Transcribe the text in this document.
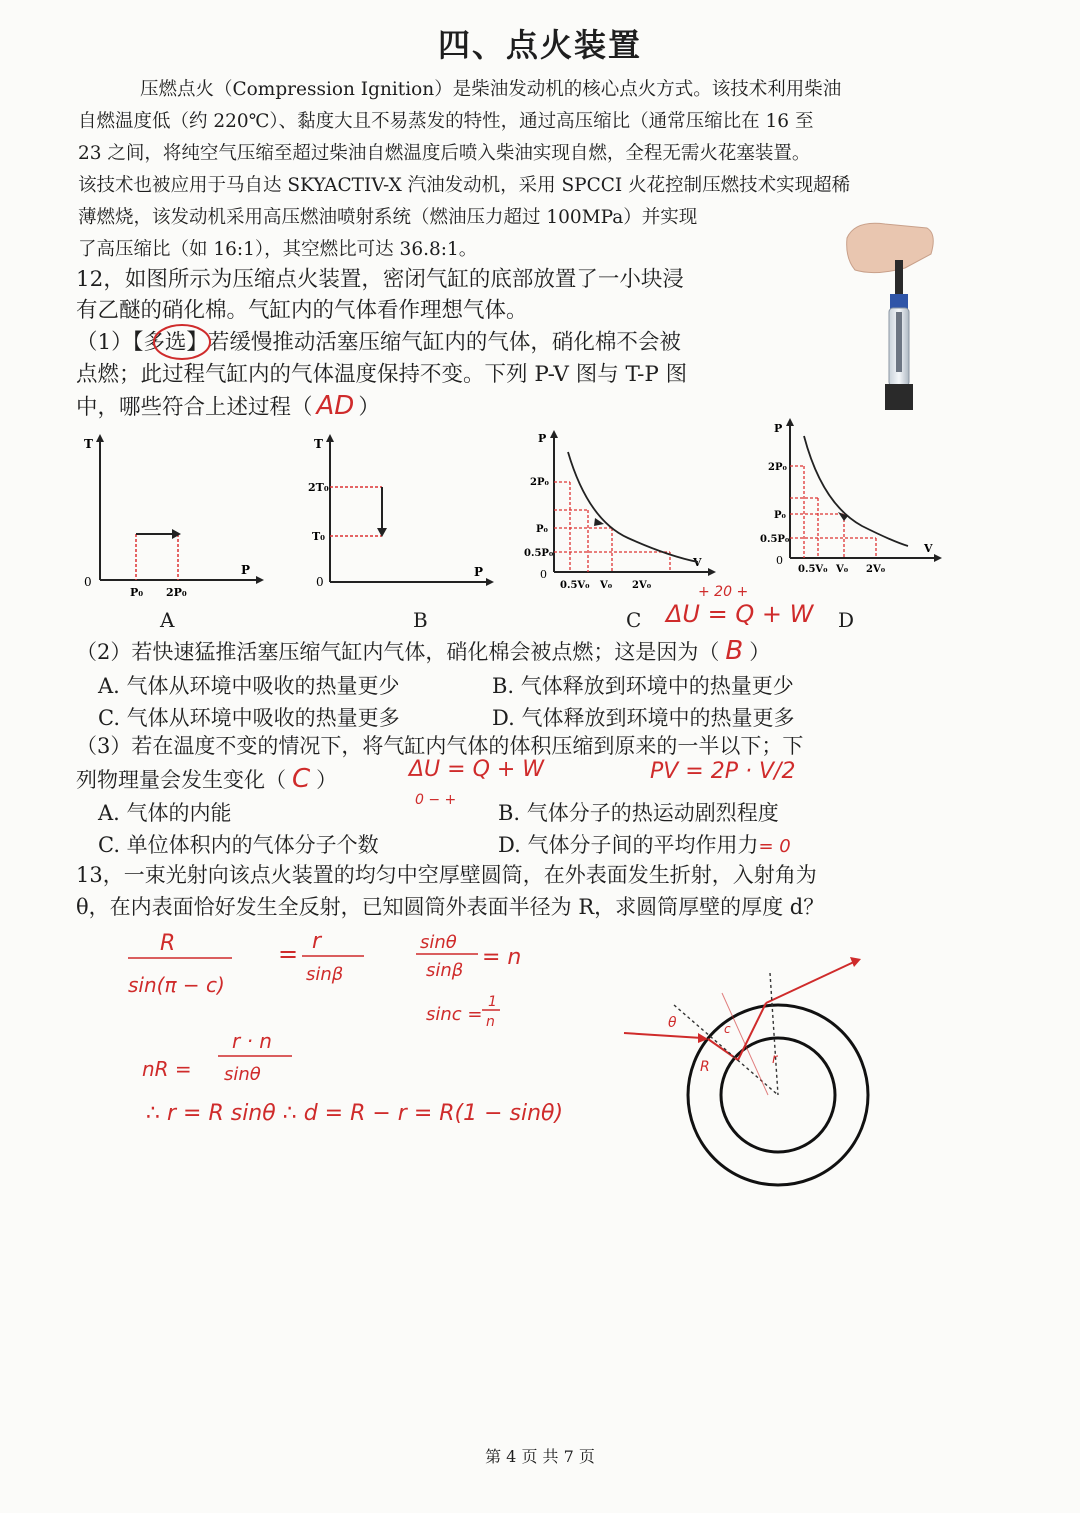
四、点火装置

压燃点火（Compression Ignition）是柴油发动机的核心点火方式。该技术利用柴油

自燃温度低（约 220℃）、黏度大且不易蒸发的特性，通过高压缩比（通常压缩比在 16 至

23 之间，将纯空气压缩至超过柴油自燃温度后喷入柴油实现自燃，全程无需火花塞装置。

该技术也被应用于马自达 SKYACTIV-X 汽油发动机，采用 SPCCI 火花控制压燃技术实现超稀

薄燃烧，该发动机采用高压燃油喷射系统（燃油压力超过 100MPa）并实现

了高压缩比（如 16:1），其空燃比可达 36.8:1。

12，如图所示为压缩点火装置，密闭气缸的底部放置了一小块浸
有乙醚的硝化棉。气缸内的气体看作理想气体。
（1）【多选】若缓慢推动活塞压缩气缸内的气体，硝化棉不会被
点燃；此过程气缸内的气体温度保持不变。下列 P-V 图与 T-P 图
中，哪些符合上述过程（ AD ）
T
P
0
P₀ 2P₀
A
T
P
0
2T₀
T₀
B
P
V
0
2P₀
P₀
0.5P₀
0.5V₀ V₀ 2V₀
C
P
V
0
2P₀
P₀
0.5P₀
0.5V₀ V₀ 2V₀
D
+ 20 +
ΔU = Q + W
（2）若快速猛推活塞压缩气缸内气体，硝化棉会被点燃；这是因为（ B ）
A. 气体从环境中吸收的热量更少	B. 气体释放到环境中的热量更少
C. 气体从环境中吸收的热量更多	D. 气体释放到环境中的热量更多
（3）若在温度不变的情况下，将气缸内气体的体积压缩到原来的一半以下；下
列物理量会发生变化（ C ）	ΔU = Q + W
0 − +
PV = 2P · V/2
A. 气体的内能	B. 气体分子的热运动剧烈程度
C. 单位体积内的气体分子个数	D. 气体分子间的平均作用力= 0
13，一束光射向该点火装置的均匀中空厚壁圆筒，在外表面发生折射，入射角为
θ，在内表面恰好发生全反射，已知圆筒外表面半径为 R，求圆筒厚壁的厚度 d？
R
sin(π − c)
= r
sinβ
sinθ
sinβ
= n
sinc =
1
n
nR =
r · n
sinθ
∴ r = R sinθ ∴ d = R − r = R(1 − sinθ)
θ	c
R	r
第 4 页 共 7 页
